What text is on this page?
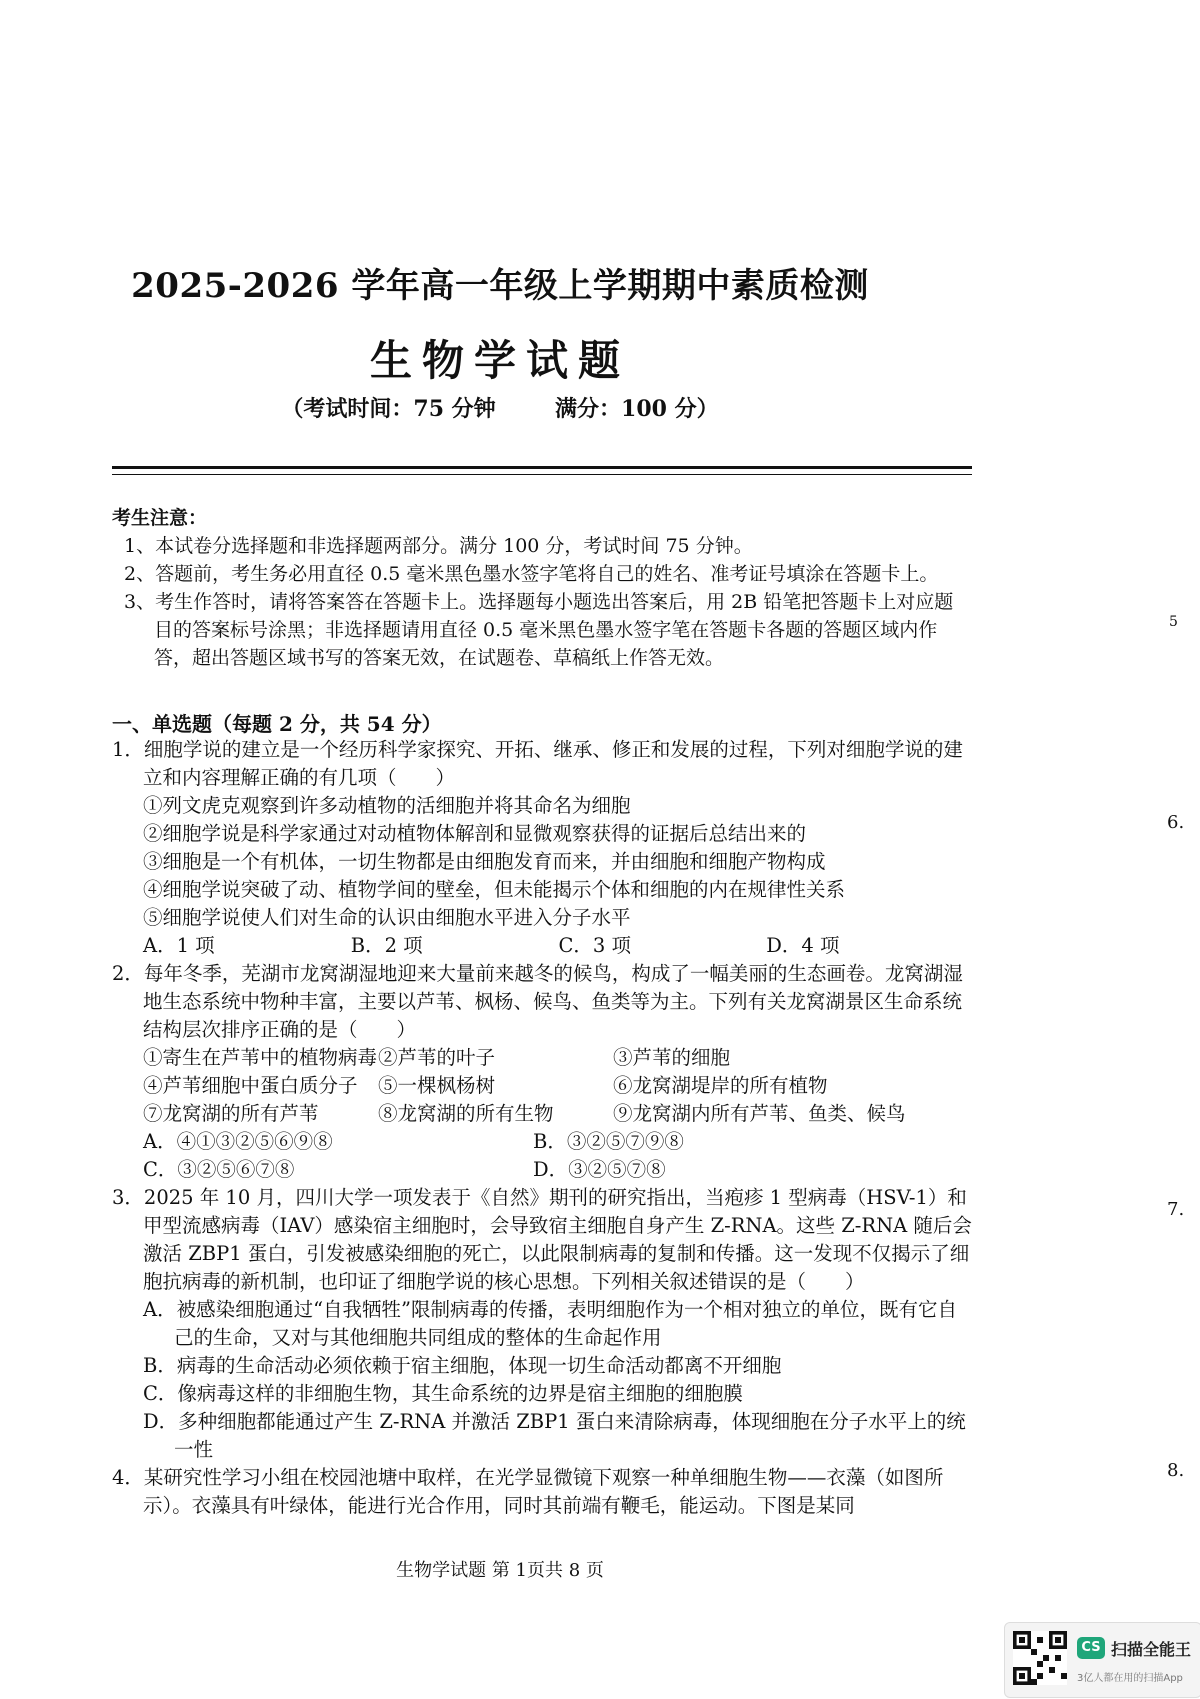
2025-2026 学年高一年级上学期期中素质检测
生物学试题
（考试时间：75 分钟	满分：100 分）
考生注意：
1、本试卷分选择题和非选择题两部分。满分 100 分，考试时间 75 分钟。
2、答题前，考生务必用直径 0.5 毫米黑色墨水签字笔将自己的姓名、准考证号填涂在答题卡上。
3、考生作答时，请将答案答在答题卡上。选择题每小题选出答案后，用 2B 铅笔把答题卡上对应题目的答案标号涂黑；非选择题请用直径 0.5 毫米黑色墨水签字笔在答题卡各题的答题区域内作答，超出答题区域书写的答案无效，在试题卷、草稿纸上作答无效。
一、单选题（每题 2 分，共 54 分）
1．细胞学说的建立是一个经历科学家探究、开拓、继承、修正和发展的过程，下列对细胞学说的建立和内容理解正确的有几项（　　）
①列文虎克观察到许多动植物的活细胞并将其命名为细胞
②细胞学说是科学家通过对动植物体解剖和显微观察获得的证据后总结出来的
③细胞是一个有机体，一切生物都是由细胞发育而来，并由细胞和细胞产物构成
④细胞学说突破了动、植物学间的壁垒，但未能揭示个体和细胞的内在规律性关系
⑤细胞学说使人们对生命的认识由细胞水平进入分子水平
A．1 项	B．2 项	C．3 项	D．4 项
2．每年冬季，芜湖市龙窝湖湿地迎来大量前来越冬的候鸟，构成了一幅美丽的生态画卷。龙窝湖湿地生态系统中物种丰富，主要以芦苇、枫杨、候鸟、鱼类等为主。下列有关龙窝湖景区生命系统结构层次排序正确的是（　　）
①寄生在芦苇中的植物病毒 ②芦苇的叶子	③芦苇的细胞
④芦苇细胞中蛋白质分子	⑤一棵枫杨树	⑥龙窝湖堤岸的所有植物
⑦龙窝湖的所有芦苇	⑧龙窝湖的所有生物	⑨龙窝湖内所有芦苇、鱼类、候鸟
A．④①③②⑤⑥⑨⑧	B．③②⑤⑦⑨⑧
C．③②⑤⑥⑦⑧	D．③②⑤⑦⑧
3．2025 年 10 月，四川大学一项发表于《自然》期刊的研究指出，当疱疹 1 型病毒（HSV-1）和甲型流感病毒（IAV）感染宿主细胞时，会导致宿主细胞自身产生 Z-RNA。这些 Z-RNA 随后会激活 ZBP1 蛋白，引发被感染细胞的死亡，以此限制病毒的复制和传播。这一发现不仅揭示了细胞抗病毒的新机制，也印证了细胞学说的核心思想。下列相关叙述错误的是（　　）
A．被感染细胞通过“自我牺牲”限制病毒的传播，表明细胞作为一个相对独立的单位，既有它自己的生命，又对与其他细胞共同组成的整体的生命起作用
B．病毒的生命活动必须依赖于宿主细胞，体现一切生命活动都离不开细胞
C．像病毒这样的非细胞生物，其生命系统的边界是宿主细胞的细胞膜
D．多种细胞都能通过产生 Z-RNA 并激活 ZBP1 蛋白来清除病毒，体现细胞在分子水平上的统一性
4．某研究性学习小组在校园池塘中取样，在光学显微镜下观察一种单细胞生物——衣藻（如图所示）。衣藻具有叶绿体，能进行光合作用，同时其前端有鞭毛，能运动。下图是某同
生物学试题 第 1页共 8 页
5
6.
7.
8.
CS 扫描全能王
3亿人都在用的扫描App
